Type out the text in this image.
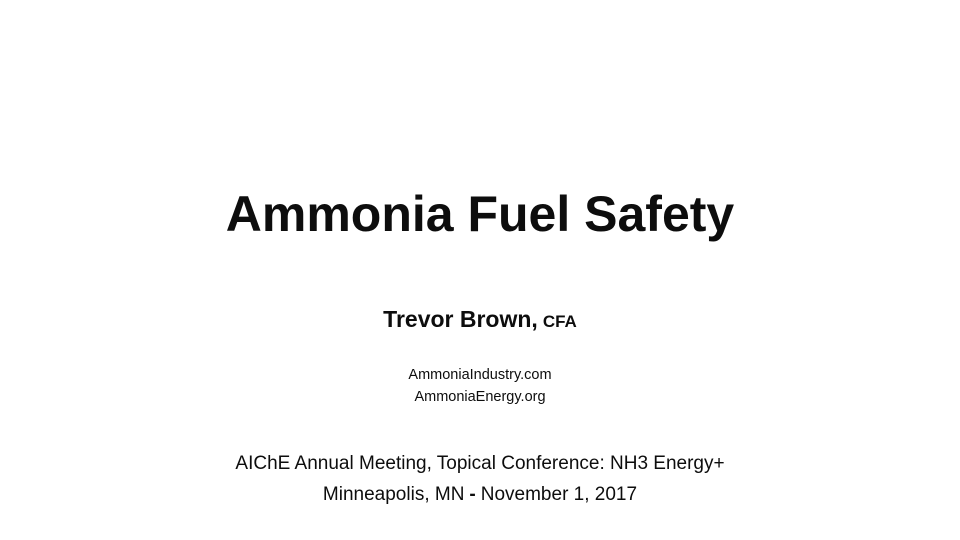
Ammonia Fuel Safety
Trevor Brown, CFA
AmmoniaIndustry.com
AmmoniaEnergy.org
AIChE Annual Meeting, Topical Conference: NH3 Energy+
Minneapolis, MN - November 1, 2017
